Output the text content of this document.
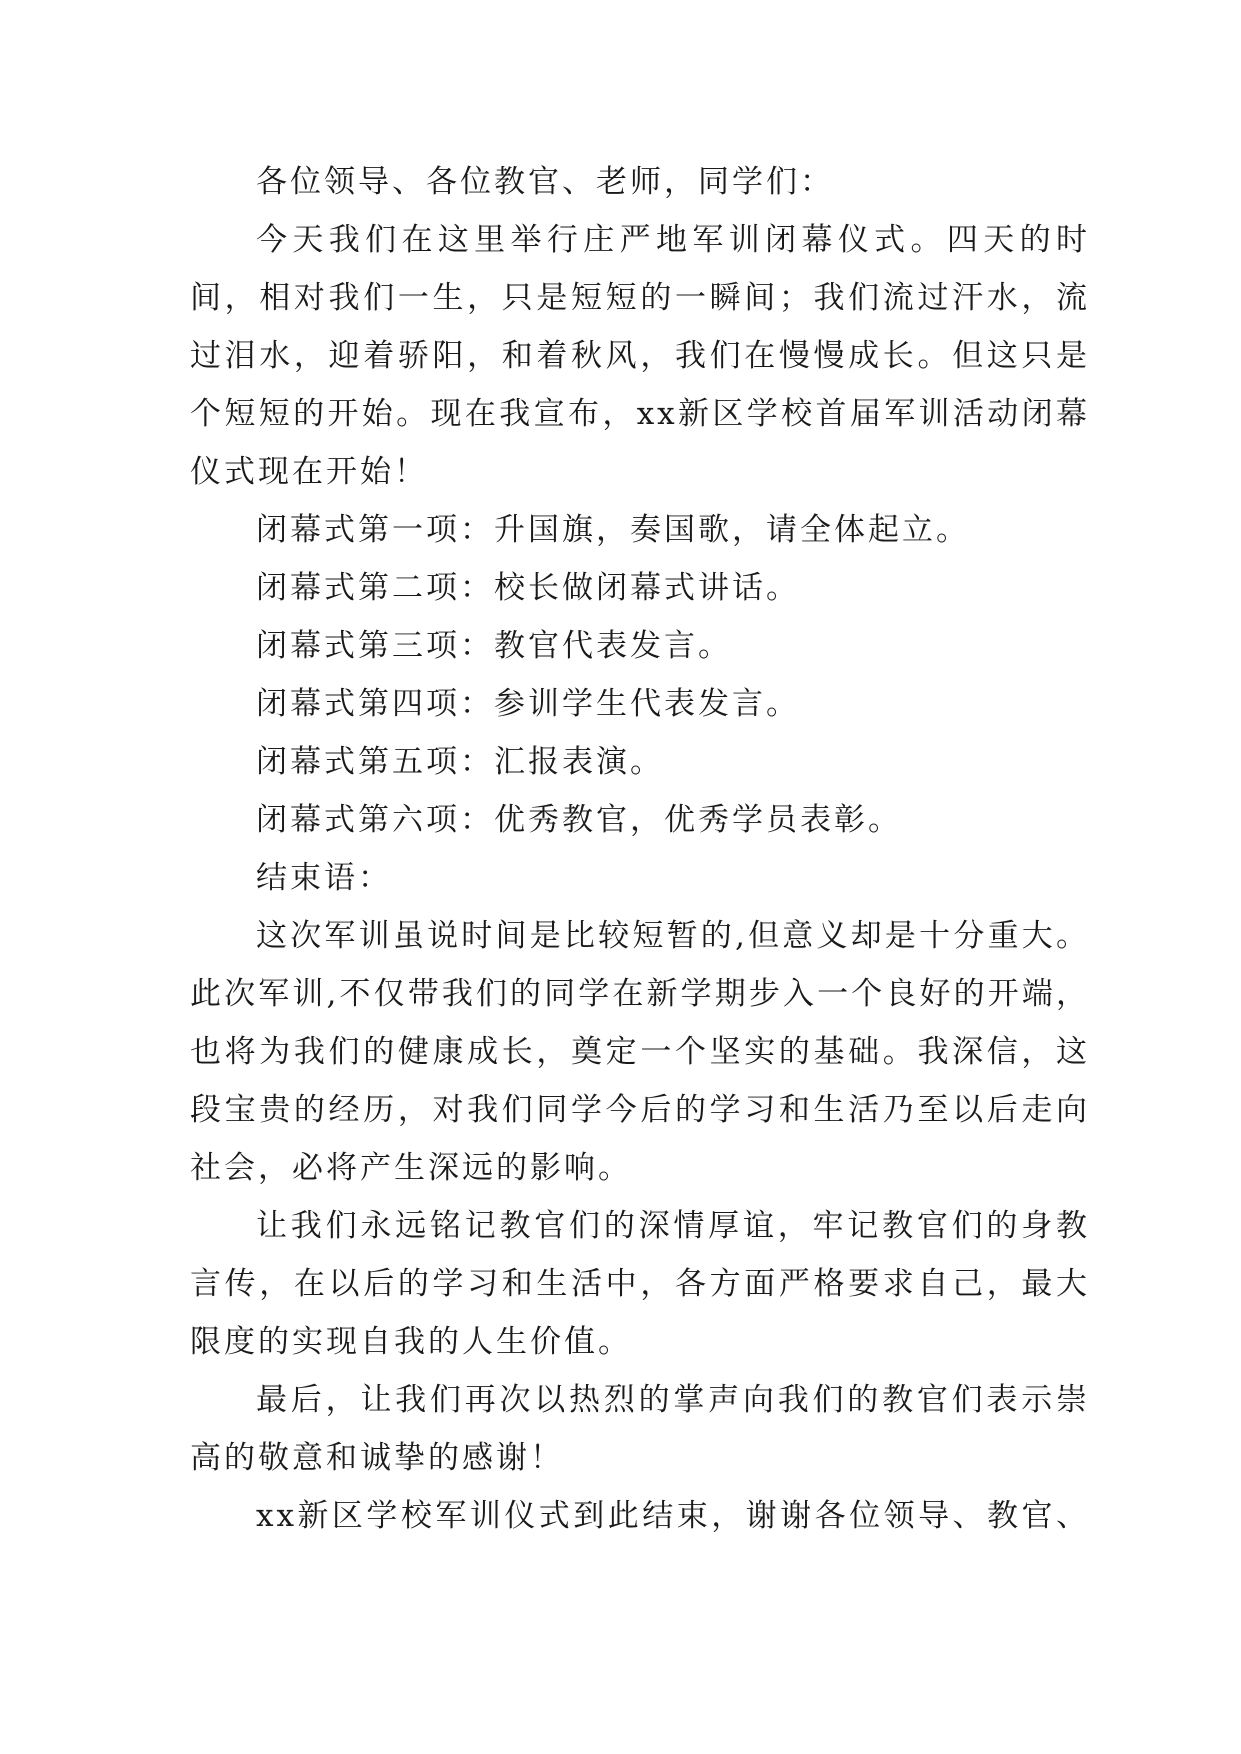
各位领导、各位教官、老师，同学们：

今天我们在这里举行庄严地军训闭幕仪式。四天的时间，相对我们一生，只是短短的一瞬间；我们流过汗水，流过泪水，迎着骄阳，和着秋风，我们在慢慢成长。但这只是个短短的开始。现在我宣布，xx新区学校首届军训活动闭幕仪式现在开始！

闭幕式第一项：升国旗，奏国歌，请全体起立。

闭幕式第二项：校长做闭幕式讲话。

闭幕式第三项：教官代表发言。

闭幕式第四项：参训学生代表发言。

闭幕式第五项：汇报表演。

闭幕式第六项：优秀教官，优秀学员表彰。

结束语：

这次军训虽说时间是比较短暂的,但意义却是十分重大。此次军训,不仅带我们的同学在新学期步入一个良好的开端，也将为我们的健康成长，奠定一个坚实的基础。我深信，这段宝贵的经历，对我们同学今后的学习和生活乃至以后走向社会，必将产生深远的影响。

让我们永远铭记教官们的深情厚谊，牢记教官们的身教言传，在以后的学习和生活中，各方面严格要求自己，最大限度的实现自我的人生价值。

最后，让我们再次以热烈的掌声向我们的教官们表示崇高的敬意和诚挚的感谢！

xx新区学校军训仪式到此结束，谢谢各位领导、教官、
